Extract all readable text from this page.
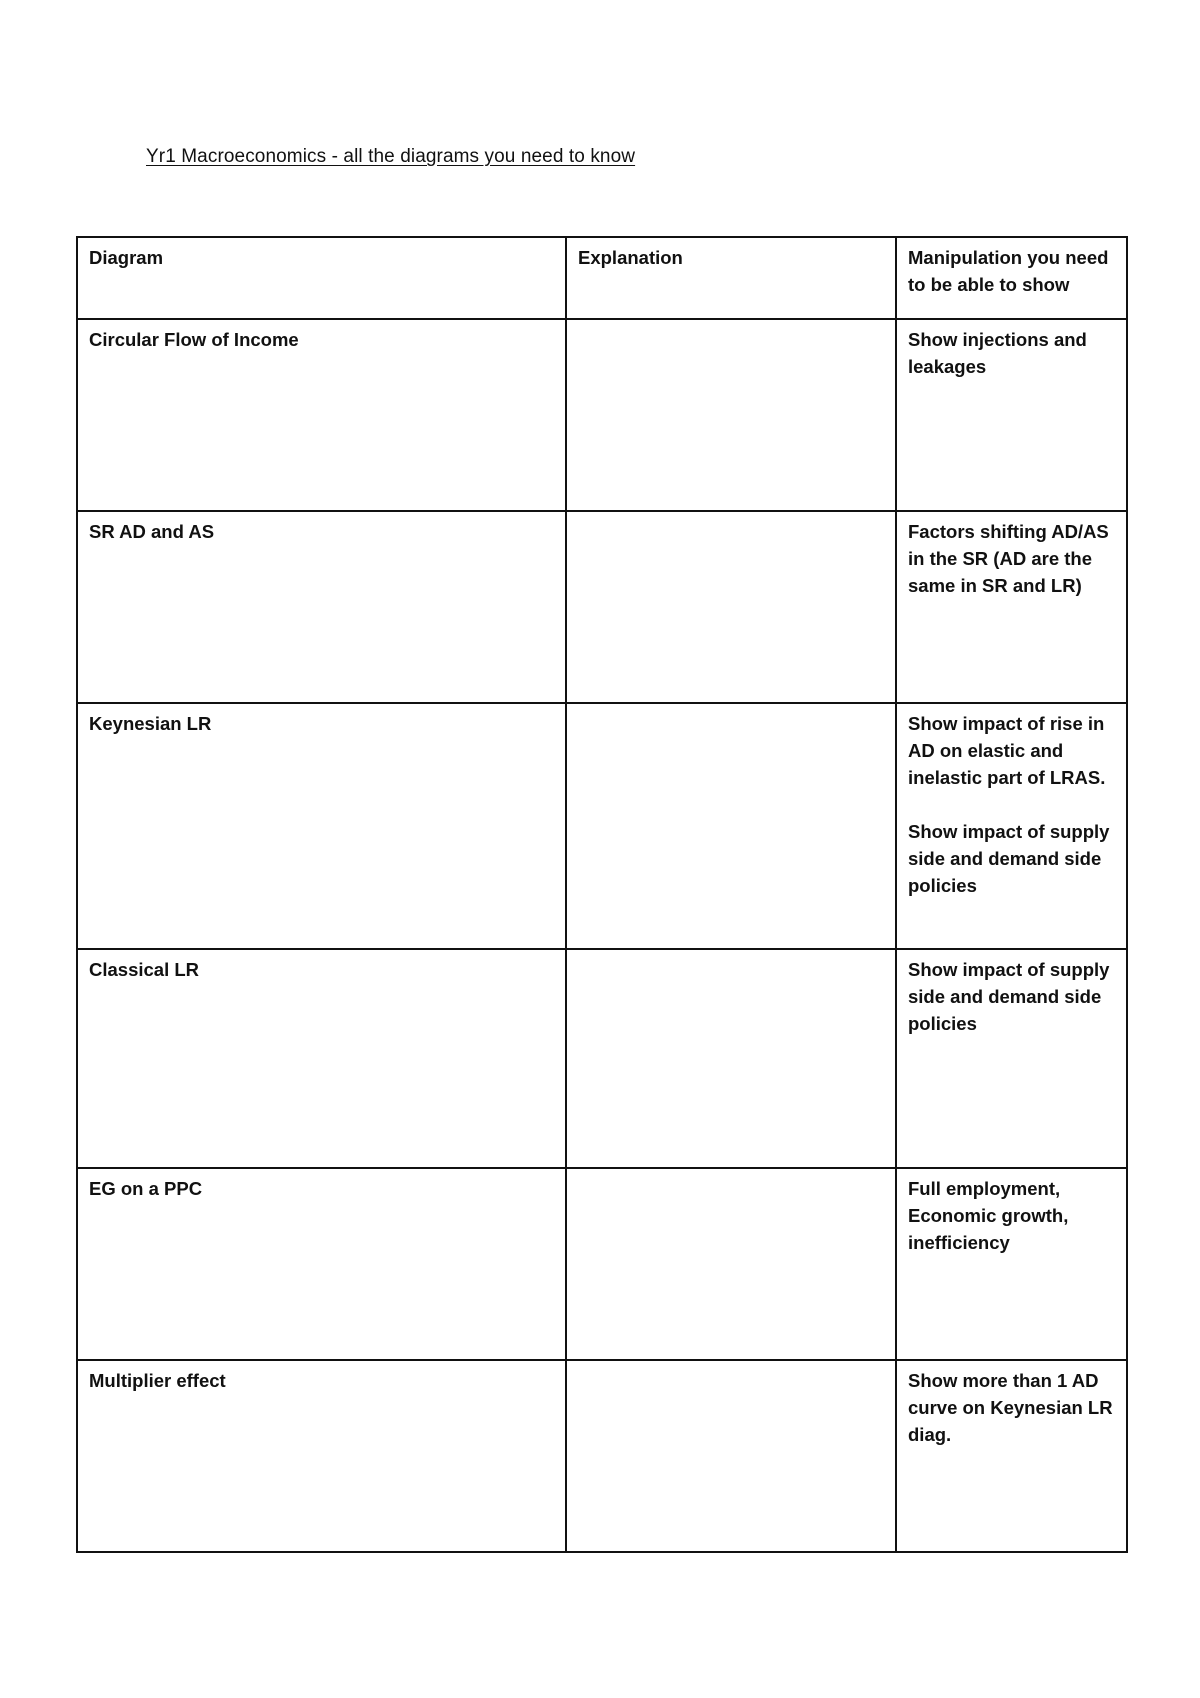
Yr1 Macroeconomics - all the diagrams you need to know
Diagram	Explanation	Manipulation you need to be able to show
Circular Flow of Income		Show injections and leakages

SR AD and AS		Factors shifting AD/AS in the SR (AD are the same in SR and LR)

Keynesian LR		Show impact of rise in AD on elastic and inelastic part of LRAS.
Show impact of supply side and demand side policies

Classical LR		Show impact of supply side and demand side policies

EG on a PPC		Full employment, Economic growth, inefficiency

Multiplier effect		Show more than 1 AD curve on Keynesian LR diag.
